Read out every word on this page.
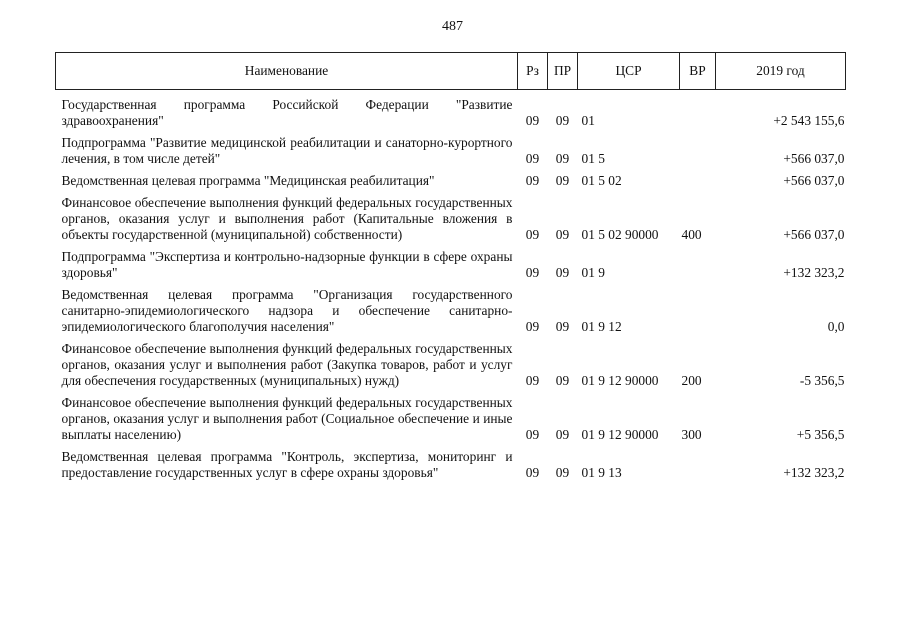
487
Наименование	Рз	ПР	ЦСР	ВР	2019 год

Государственная программа Российской Федерации "Развитие здравоохранения"	09	09	01		+2 543 155,6
Подпрограмма "Развитие медицинской реабилитации и санаторно-курортного лечения, в том числе детей"	09	09	01 5		+566 037,0
Ведомственная целевая программа "Медицинская реабилитация"	09	09	01 5 02		+566 037,0
Финансовое обеспечение выполнения функций федеральных государственных органов, оказания услуг и выполнения работ (Капитальные вложения в объекты государственной (муниципальной) собственности)	09	09	01 5 02 90000	400	+566 037,0
Подпрограмма "Экспертиза и контрольно-надзорные функции в сфере охраны здоровья"	09	09	01 9		+132 323,2
Ведомственная целевая программа "Организация государственного санитарно-эпидемиологического надзора и обеспечение санитарно-эпидемиологического благополучия населения"	09	09	01 9 12		0,0
Финансовое обеспечение выполнения функций федеральных государственных органов, оказания услуг и выполнения работ (Закупка товаров, работ и услуг для обеспечения государственных (муниципальных) нужд)	09	09	01 9 12 90000	200	-5 356,5
Финансовое обеспечение выполнения функций федеральных государственных органов, оказания услуг и выполнения работ (Социальное обеспечение и иные выплаты населению)	09	09	01 9 12 90000	300	+5 356,5
Ведомственная целевая программа "Контроль, экспертиза, мониторинг и предоставление государственных услуг в сфере охраны здоровья"	09	09	01 9 13		+132 323,2
